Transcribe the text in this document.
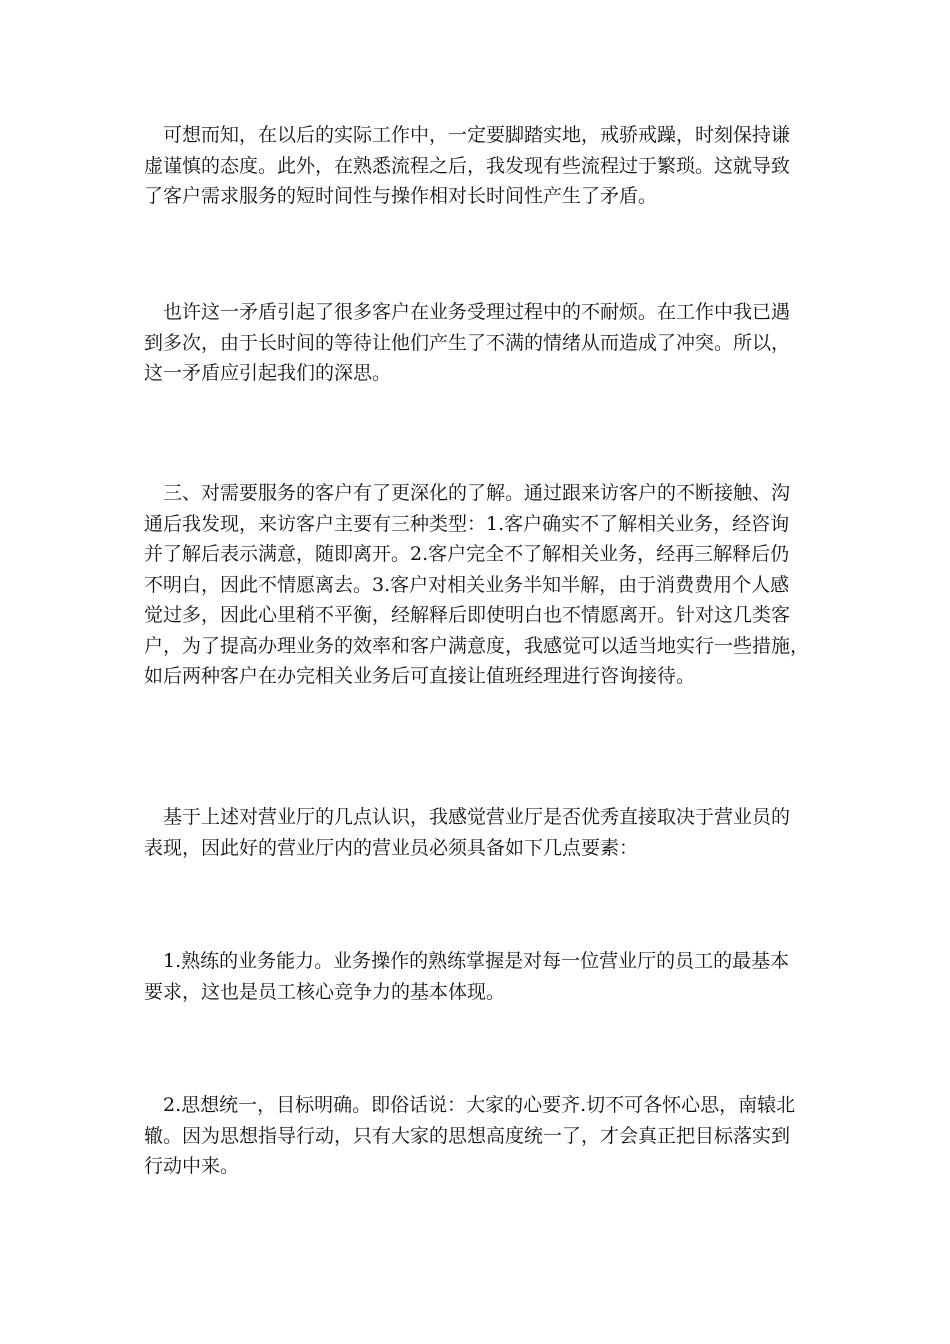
可想而知，在以后的实际工作中，一定要脚踏实地，戒骄戒躁，时刻保持谦
虚谨慎的态度。此外，在熟悉流程之后，我发现有些流程过于繁琐。这就导致
了客户需求服务的短时间性与操作相对长时间性产生了矛盾。
也许这一矛盾引起了很多客户在业务受理过程中的不耐烦。在工作中我已遇
到多次，由于长时间的等待让他们产生了不满的情绪从而造成了冲突。所以，
这一矛盾应引起我们的深思。
三、对需要服务的客户有了更深化的了解。通过跟来访客户的不断接触、沟
通后我发现，来访客户主要有三种类型：1.客户确实不了解相关业务，经咨询
并了解后表示满意，随即离开。2.客户完全不了解相关业务，经再三解释后仍
不明白，因此不情愿离去。3.客户对相关业务半知半解，由于消费费用个人感
觉过多，因此心里稍不平衡，经解释后即使明白也不情愿离开。针对这几类客
户，为了提高办理业务的效率和客户满意度，我感觉可以适当地实行一些措施，
如后两种客户在办完相关业务后可直接让值班经理进行咨询接待。
基于上述对营业厅的几点认识，我感觉营业厅是否优秀直接取决于营业员的
表现，因此好的营业厅内的营业员必须具备如下几点要素：
1.熟练的业务能力。业务操作的熟练掌握是对每一位营业厅的员工的最基本
要求，这也是员工核心竞争力的基本体现。
2.思想统一，目标明确。即俗话说：大家的心要齐.切不可各怀心思，南辕北
辙。因为思想指导行动，只有大家的思想高度统一了，才会真正把目标落实到
行动中来。
